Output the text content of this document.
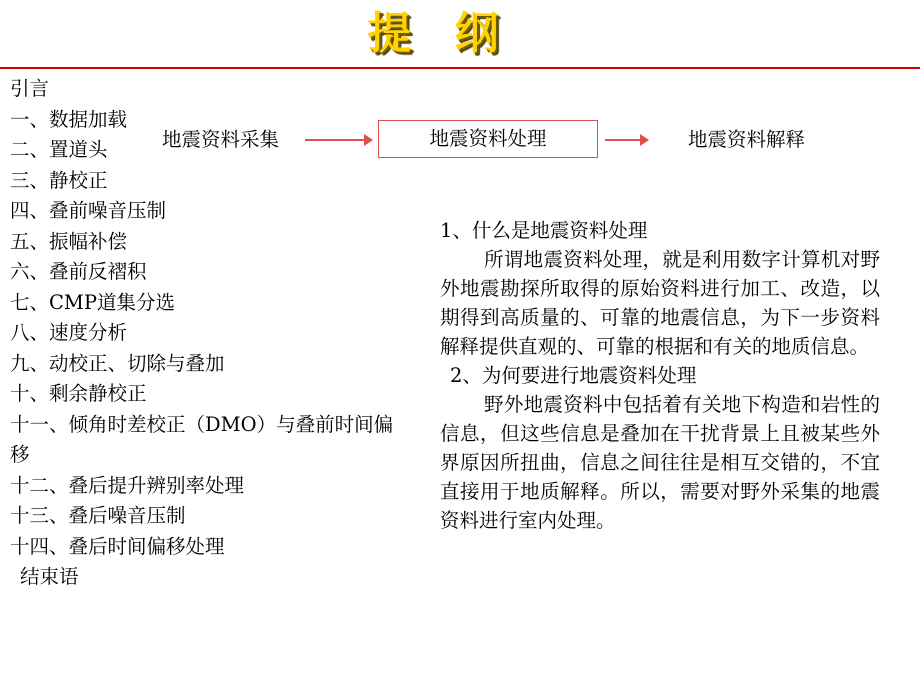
提 纲
引言
一、数据加载
二、置道头
三、静校正
四、叠前噪音压制
五、振幅补偿
六、叠前反褶积
七、CMP道集分选
八、速度分析
九、动校正、切除与叠加
十、剩余静校正
十一、倾角时差校正（DMO）与叠前时间偏移
十二、叠后提升辨别率处理
十三、叠后噪音压制
十四、叠后时间偏移处理
结束语
地震资料采集	地震资料处理	地震资料解释

1、什么是地震资料处理

所谓地震资料处理，就是利用数字计算机对野外地震勘探所取得的原始资料进行加工、改造，以期得到高质量的、可靠的地震信息，为下一步资料解释提供直观的、可靠的根据和有关的地质信息。

2、为何要进行地震资料处理

野外地震资料中包括着有关地下构造和岩性的信息，但这些信息是叠加在干扰背景上且被某些外界原因所扭曲，信息之间往往是相互交错的，不宜直接用于地质解释。所以，需要对野外采集的地震资料进行室内处理。
